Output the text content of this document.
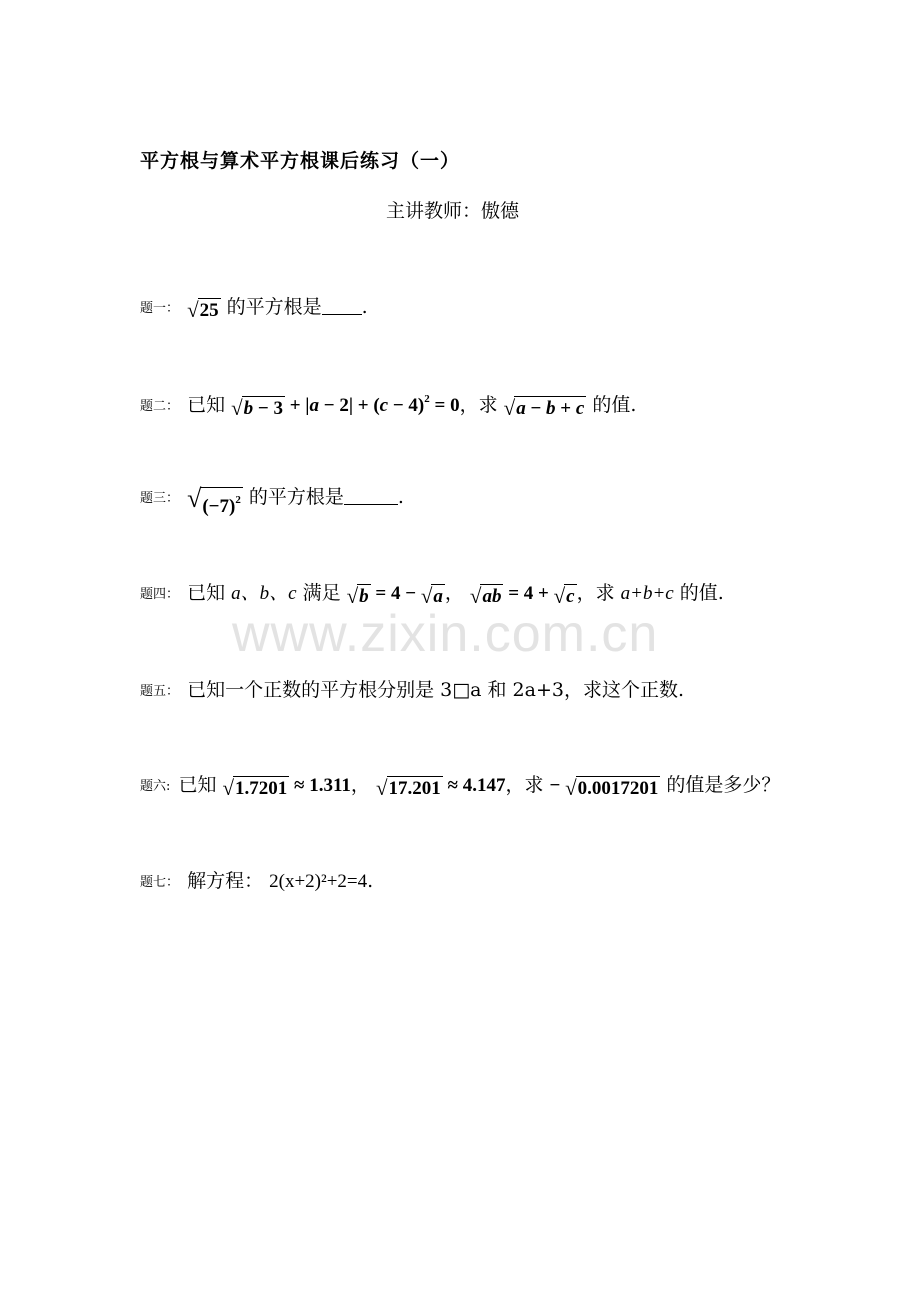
www.zixin.com.cn
平方根与算术平方根课后练习（一）
主讲教师：傲德
题一： √ 25 的平方根是 .
题二： 已知 √ $b - 3 + |a - 2| + (c - 4)^2 = 0$，求 √ a − b + c 的值.
题三： √ $(-7)^2$ 的平方根是	.
题四： 已知 a、b、c 满足 √ b = 4 − √ a ， √ ab = 4 + √ c ，求 a+b+c 的值.
题五： 已知一个正数的平方根分别是 3□a 和 2a+3，求这个正数.
题六: 已知 √ 1.7201 ≈ 1.311， √ 17.201 ≈ 4.147，求 − √ 0.0017201 的值是多少？
题七： 解方程： 2(x+2)²+2=4.
